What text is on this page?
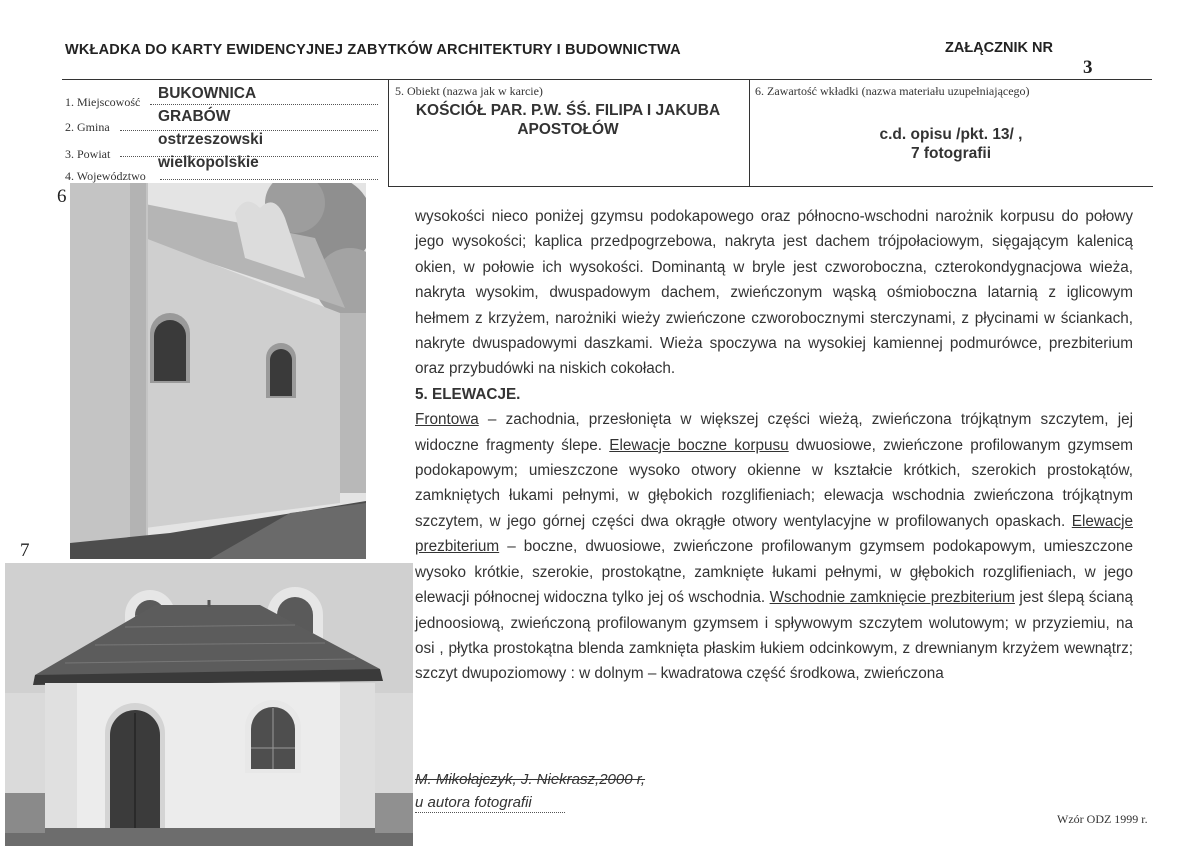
WKŁADKA DO KARTY EWIDENCYJNEJ ZABYTKÓW ARCHITEKTURY I BUDOWNICTWA	ZAŁĄCZNIK NR
3
1. Miejscowość BUKOWNICA
2. Gmina
GRABÓW
3. Powiat
ostrzeszowski
4. Województwo
wielkopolskie
5. Obiekt (nazwa jak w karcie)
KOŚCIÓŁ PAR. P.W. ŚŚ. FILIPA I JAKUBA APOSTOŁÓW
6. Zawartość wkładki (nazwa materiału uzupełniającego)
c.d. opisu /pkt. 13/ ,
7 fotografii
6
7

wysokości nieco poniżej gzymsu podokapowego oraz północno-wschodni narożnik korpusu do połowy jego wysokości; kaplica przedpogrzebowa, nakryta jest dachem trójpołaciowym, sięgającym kalenicą okien, w połowie ich wysokości. Dominantą w bryle jest czworoboczna, czterokondygnacjowa wieża, nakryta wysokim, dwuspadowym dachem, zwieńczonym wąską ośmioboczna latarnią z iglicowym hełmem z krzyżem, narożniki wieży zwieńczone czworobocznymi sterczynami, z płycinami w ściankach, nakryte dwuspadowymi daszkami. Wieża spoczywa na wysokiej kamiennej podmurówce, prezbiterium oraz przybudówki na niskich cokołach.

5. ELEWACJE.

Frontowa – zachodnia, przesłonięta w większej części wieżą, zwieńczona trójkątnym szczytem, jej widoczne fragmenty ślepe. Elewacje boczne korpusu dwuosiowe, zwieńczone profilowanym gzymsem podokapowym; umieszczone wysoko otwory okienne w kształcie krótkich, szerokich prostokątów, zamkniętych łukami pełnymi, w głębokich rozglifieniach; elewacja wschodnia zwieńczona trójkątnym szczytem, w jego górnej części dwa okrągłe otwory wentylacyjne w profilowanych opaskach. Elewacje prezbiterium – boczne, dwuosiowe, zwieńczone profilowanym gzymsem podokapowym, umieszczone wysoko krótkie, szerokie, prostokątne, zamknięte łukami pełnymi, w głębokich rozglifieniach, w jego elewacji północnej widoczna tylko jej oś wschodnia. Wschodnie zamknięcie prezbiterium jest ślepą ścianą jednoosiową, zwieńczoną profilowanym gzymsem i spływowym szczytem wolutowym; w przyziemiu, na osi , płytka prostokątna blenda zamknięta płaskim łukiem odcinkowym, z drewnianym krzyżem wewnątrz; szczyt dwupoziomowy : w dolnym – kwadratowa część środkowa, zwieńczona

M. Mikołajczyk, J. Niekrasz,2000 r,
u autora fotografii
Wzór ODZ 1999 r.
